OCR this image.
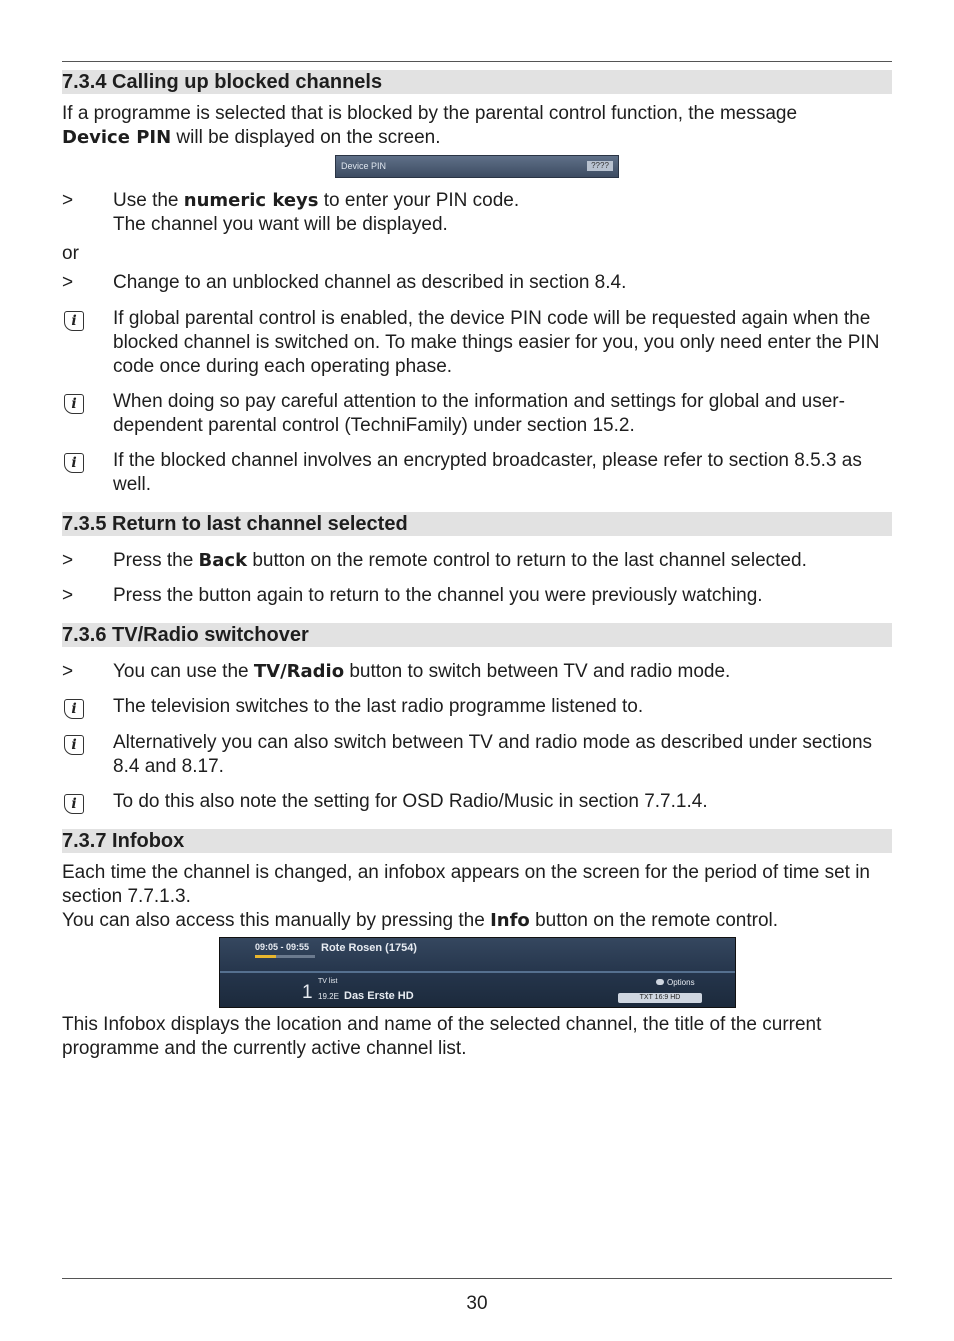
7.3.4 Calling up blocked channels
If a programme is selected that is blocked by the parental control function, the message
Device PIN will be displayed on the screen.
Device PIN	????
>	Use the numeric keys to enter your PIN code.
The channel you want will be displayed.
or
>	Change to an unblocked channel as described in section 8.4.
i	If global parental control is enabled, the device PIN code will be requested again when the blocked channel is switched on. To make things easier for you, you only need enter the PIN code once during each operating phase.
i	When doing so pay careful attention to the information and settings for global and user-dependent parental control (TechniFamily) under section 15.2.
i	If the blocked channel involves an encrypted broadcaster, please refer to section 8.5.3 as well.
7.3.5 Return to last channel selected
>	Press the Back button on the remote control to return to the last channel selected.
>	Press the button again to return to the channel you were previously watching.
7.3.6 TV/Radio switchover
>	You can use the TV/Radio button to switch between TV and radio mode.
i	The television switches to the last radio programme listened to.
i	Alternatively you can also switch between TV and radio mode as described under sections 8.4 and 8.17.
i	To do this also note the setting for OSD Radio/Music in section 7.7.1.4.
7.3.7 Infobox
Each time the channel is changed, an infobox appears on the screen for the period of time set in section 7.7.1.3.
You can also access this manually by pressing the Info button on the remote control.
09:05 - 09:55 Rote Rosen (1754)
TV list
1 19.2E Das Erste HD
Options
TXT 16:9 HD
This Infobox displays the location and name of the selected channel, the title of the current programme and the currently active channel list.
30
